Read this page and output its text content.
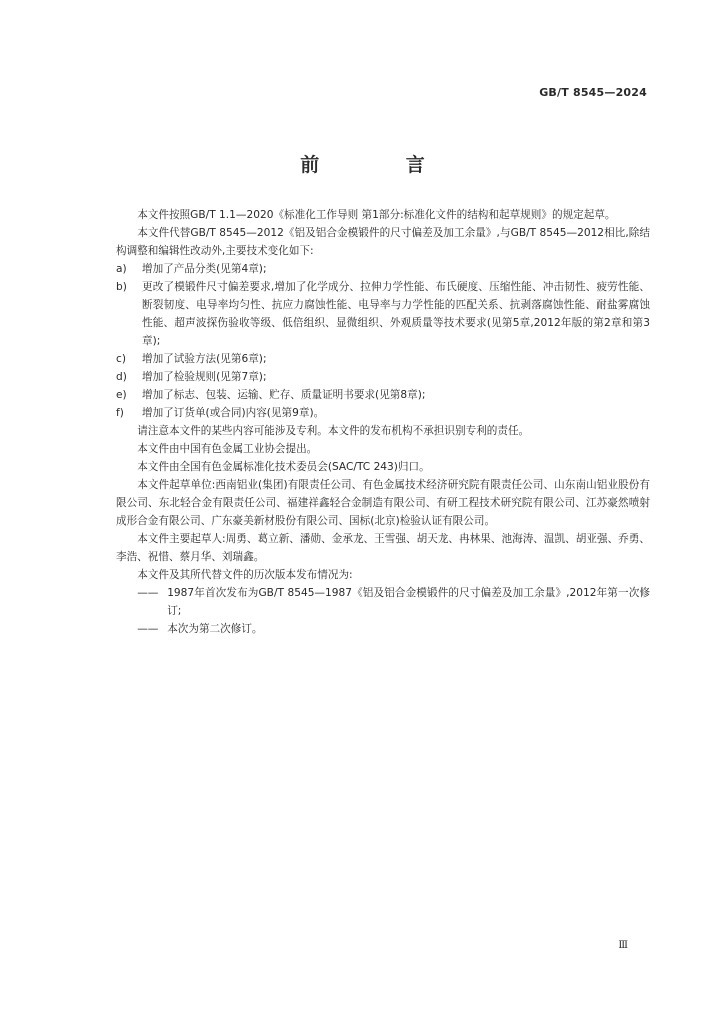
GB/T 8545—2024
前 言

本文件按照GB/T 1.1—2020《标准化工作导则 第1部分:标准化文件的结构和起草规则》的规定起草。

本文件代替GB/T 8545—2012《铝及铝合金模锻件的尺寸偏差及加工余量》,与GB/T 8545—2012相比,除结构调整和编辑性改动外,主要技术变化如下:

a)	增加了产品分类(见第4章);
b)	更改了模锻件尺寸偏差要求,增加了化学成分、拉伸力学性能、布氏硬度、压缩性能、冲击韧性、疲劳性能、断裂韧度、电导率均匀性、抗应力腐蚀性能、电导率与力学性能的匹配关系、抗剥落腐蚀性能、耐盐雾腐蚀性能、超声波探伤验收等级、低倍组织、显微组织、外观质量等技术要求(见第5章,2012年版的第2章和第3章);
c)	增加了试验方法(见第6章);
d)	增加了检验规则(见第7章);
e)	增加了标志、包装、运输、贮存、质量证明书要求(见第8章);
f)	增加了订货单(或合同)内容(见第9章)。

请注意本文件的某些内容可能涉及专利。本文件的发布机构不承担识别专利的责任。

本文件由中国有色金属工业协会提出。

本文件由全国有色金属标准化技术委员会(SAC/TC 243)归口。

本文件起草单位:西南铝业(集团)有限责任公司、有色金属技术经济研究院有限责任公司、山东南山铝业股份有限公司、东北轻合金有限责任公司、福建祥鑫轻合金制造有限公司、有研工程技术研究院有限公司、江苏豪然喷射成形合金有限公司、广东豪美新材股份有限公司、国标(北京)检验认证有限公司。

本文件主要起草人:周勇、葛立新、潘勋、金承龙、王雪强、胡天龙、冉林果、池海涛、温凯、胡亚强、乔勇、李浩、祝惜、蔡月华、刘瑞鑫。

本文件及其所代替文件的历次版本发布情况为:

—— 1987年首次发布为GB/T 8545—1987《铝及铝合金模锻件的尺寸偏差及加工余量》,2012年第一次修订;
—— 本次为第二次修订。
Ⅲ
